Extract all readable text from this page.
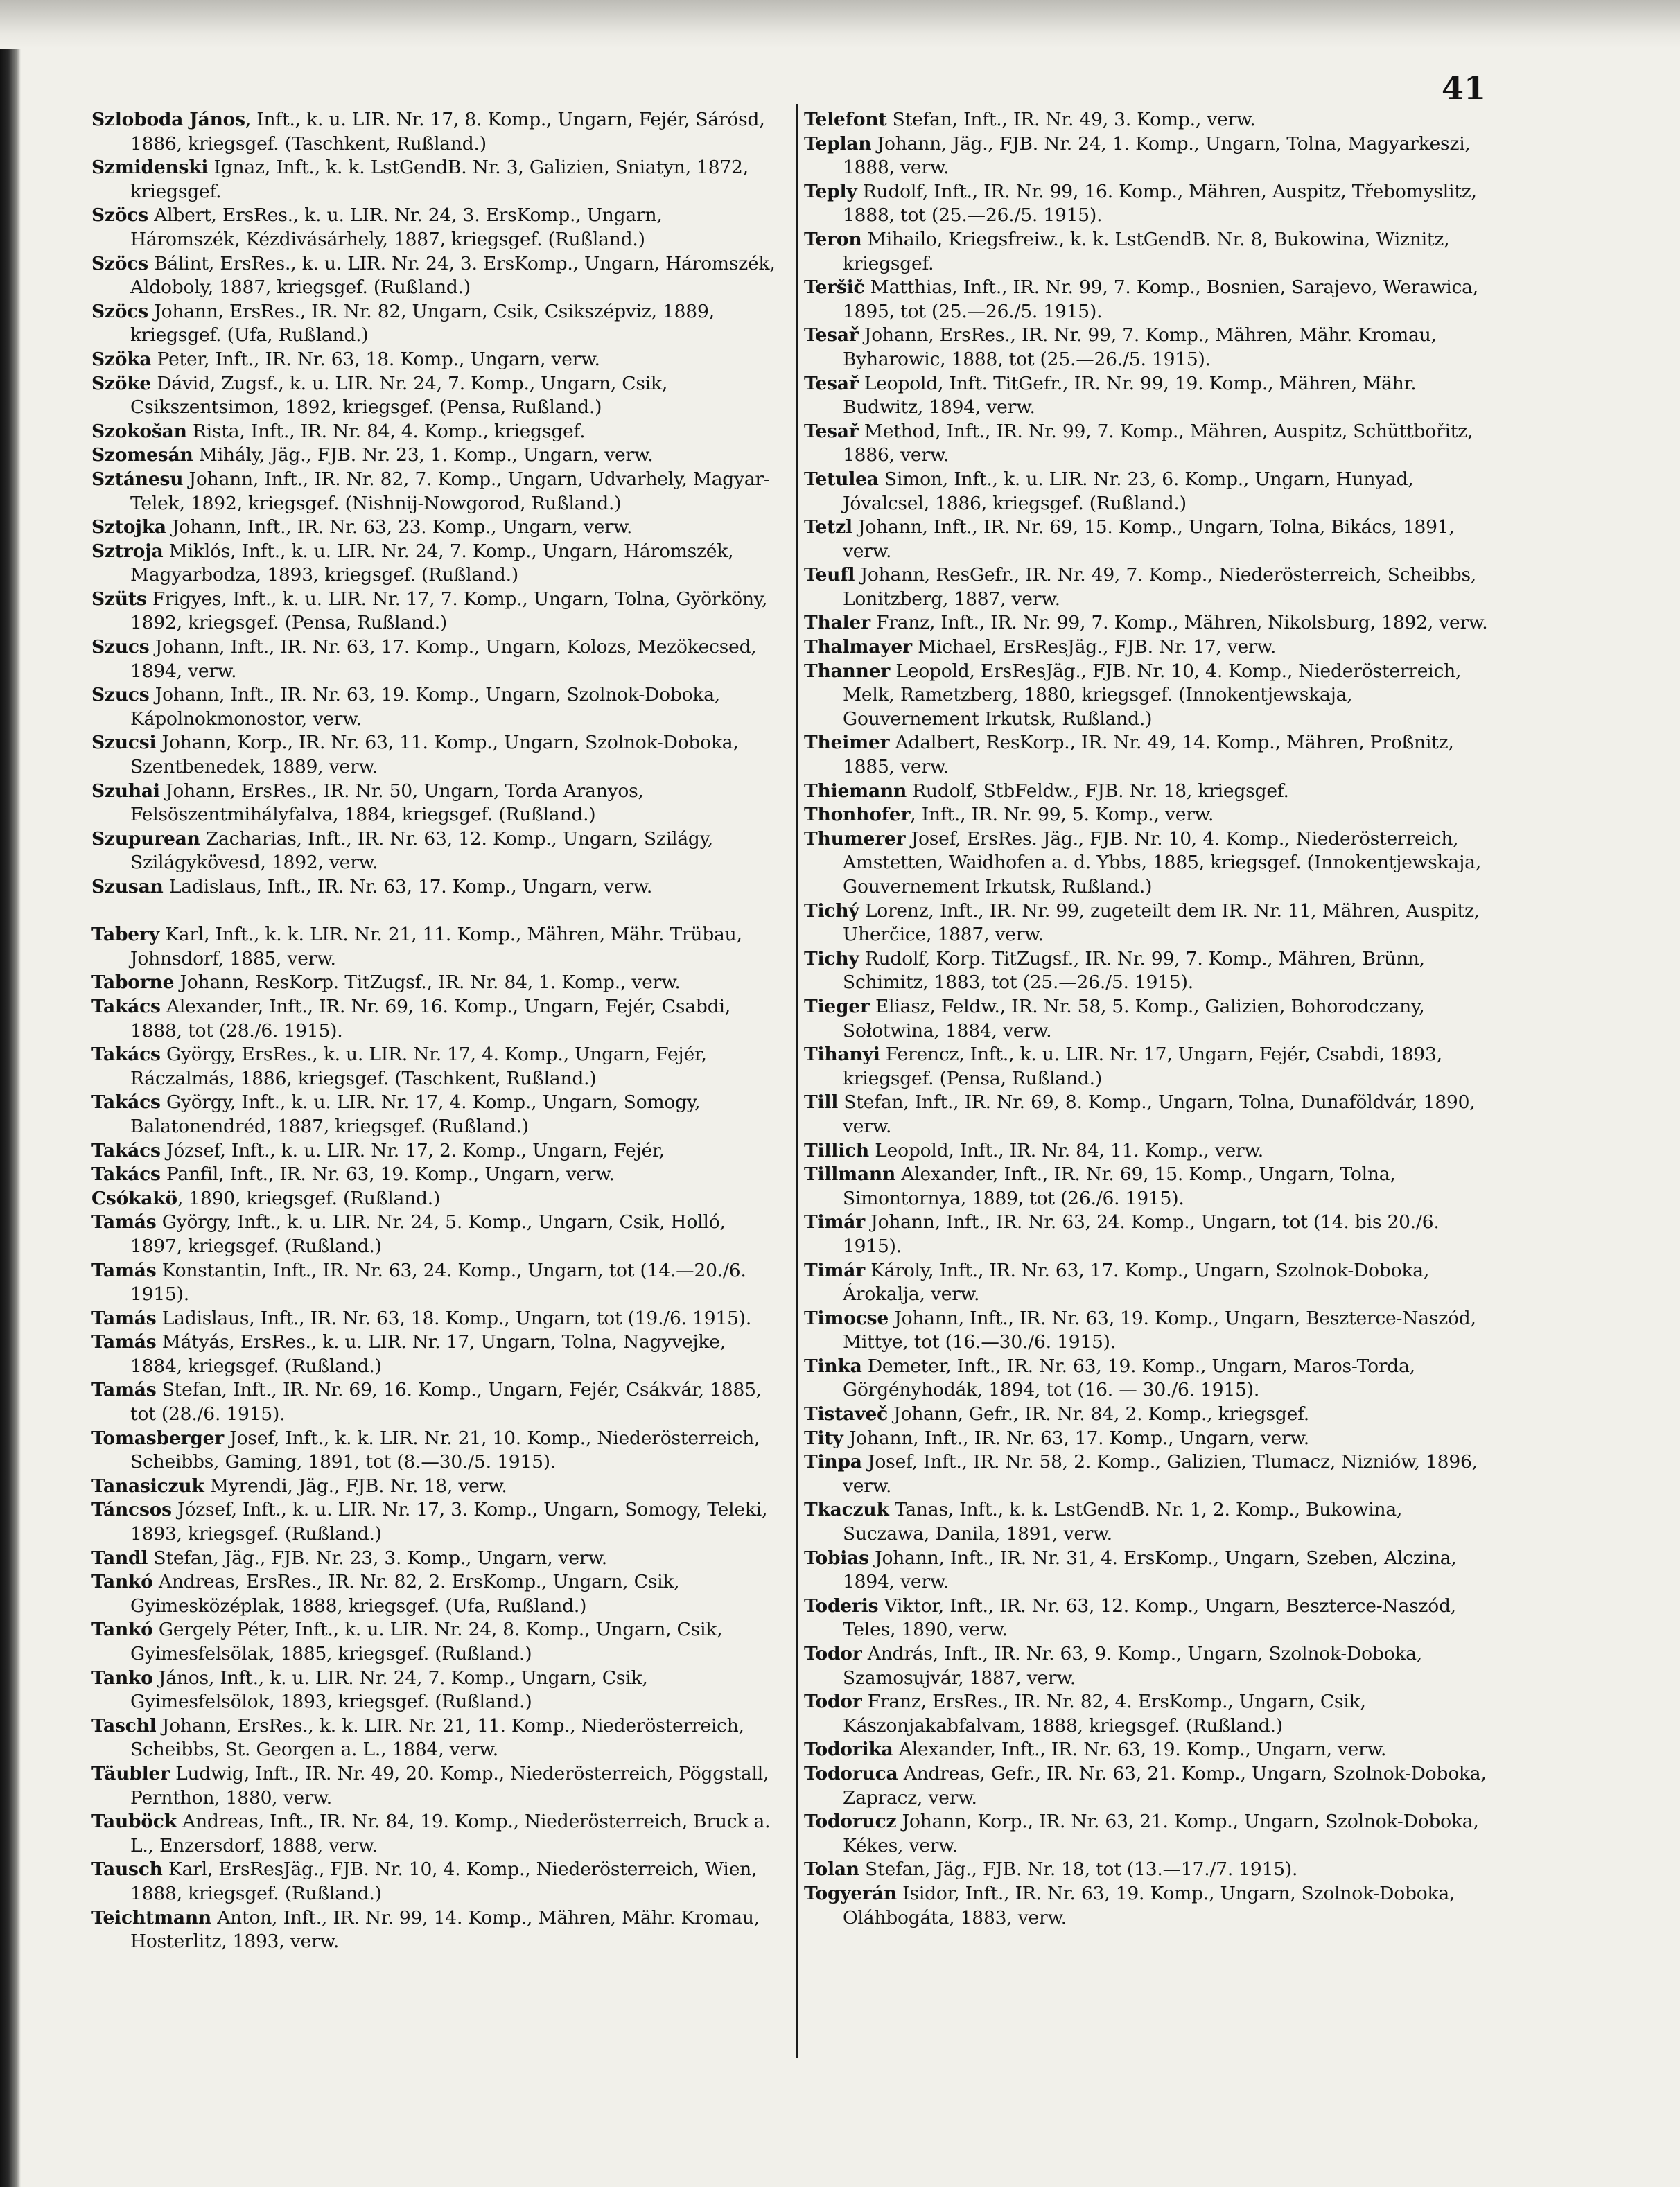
41
Szloboda János, Inft., k. u. LIR. Nr. 17, 8. Komp., Ungarn, Fejér, Sárósd, 1886, kriegsgef. (Taschkent, Rußland.)
Szmidenski Ignaz, Inft., k. k. LstGendB. Nr. 3, Galizien, Sniatyn, 1872, kriegsgef.
Szöcs Albert, ErsRes., k. u. LIR. Nr. 24, 3. ErsKomp., Ungarn, Háromszék, Kézdivásárhely, 1887, kriegsgef. (Rußland.)
Szöcs Bálint, ErsRes., k. u. LIR. Nr. 24, 3. ErsKomp., Ungarn, Háromszék, Aldoboly, 1887, kriegsgef. (Rußland.)
Szöcs Johann, ErsRes., IR. Nr. 82, Ungarn, Csik, Csikszépviz, 1889, kriegsgef. (Ufa, Rußland.)
Szöka Peter, Inft., IR. Nr. 63, 18. Komp., Ungarn, verw.
Szöke Dávid, Zugsf., k. u. LIR. Nr. 24, 7. Komp., Ungarn, Csik, Csikszentsimon, 1892, kriegsgef. (Pensa, Rußland.)
Szokošan Rista, Inft., IR. Nr. 84, 4. Komp., kriegsgef.
Szomesán Mihály, Jäg., FJB. Nr. 23, 1. Komp., Ungarn, verw.
Sztánesu Johann, Inft., IR. Nr. 82, 7. Komp., Ungarn, Udvarhely, Magyar-Telek, 1892, kriegsgef. (Nishnij-Nowgorod, Rußland.)
Sztojka Johann, Inft., IR. Nr. 63, 23. Komp., Ungarn, verw.
Sztroja Miklós, Inft., k. u. LIR. Nr. 24, 7. Komp., Ungarn, Háromszék, Magyarbodza, 1893, kriegsgef. (Rußland.)
Szüts Frigyes, Inft., k. u. LIR. Nr. 17, 7. Komp., Ungarn, Tolna, Györköny, 1892, kriegsgef. (Pensa, Rußland.)
Szucs Johann, Inft., IR. Nr. 63, 17. Komp., Ungarn, Kolozs, Mezökecsed, 1894, verw.
Szucs Johann, Inft., IR. Nr. 63, 19. Komp., Ungarn, Szolnok-Doboka, Kápolnokmonostor, verw.
Szucsi Johann, Korp., IR. Nr. 63, 11. Komp., Ungarn, Szolnok-Doboka, Szentbenedek, 1889, verw.
Szuhai Johann, ErsRes., IR. Nr. 50, Ungarn, Torda Aranyos, Felsöszentmihályfalva, 1884, kriegsgef. (Rußland.)
Szupurean Zacharias, Inft., IR. Nr. 63, 12. Komp., Ungarn, Szilágy, Szilágykövesd, 1892, verw.
Szusan Ladislaus, Inft., IR. Nr. 63, 17. Komp., Ungarn, verw.
Tabery Karl, Inft., k. k. LIR. Nr. 21, 11. Komp., Mähren, Mähr. Trübau, Johnsdorf, 1885, verw.
Taborne Johann, ResKorp. TitZugsf., IR. Nr. 84, 1. Komp., verw.
Takács Alexander, Inft., IR. Nr. 69, 16. Komp., Ungarn, Fejér, Csabdi, 1888, tot (28./6. 1915).
Takács György, ErsRes., k. u. LIR. Nr. 17, 4. Komp., Ungarn, Fejér, Ráczalmás, 1886, kriegsgef. (Taschkent, Rußland.)
Takács György, Inft., k. u. LIR. Nr. 17, 4. Komp., Ungarn, Somogy, Balatonendréd, 1887, kriegsgef. (Rußland.)
Takács József, Inft., k. u. LIR. Nr. 17, 2. Komp., Ungarn, Fejér,
Takács Panfil, Inft., IR. Nr. 63, 19. Komp., Ungarn, verw.
Csókakö, 1890, kriegsgef. (Rußland.)
Tamás György, Inft., k. u. LIR. Nr. 24, 5. Komp., Ungarn, Csik, Holló, 1897, kriegsgef. (Rußland.)
Tamás Konstantin, Inft., IR. Nr. 63, 24. Komp., Ungarn, tot (14.—20./6. 1915).
Tamás Ladislaus, Inft., IR. Nr. 63, 18. Komp., Ungarn, tot (19./6. 1915).
Tamás Mátyás, ErsRes., k. u. LIR. Nr. 17, Ungarn, Tolna, Nagyvejke, 1884, kriegsgef. (Rußland.)
Tamás Stefan, Inft., IR. Nr. 69, 16. Komp., Ungarn, Fejér, Csákvár, 1885, tot (28./6. 1915).
Tomasberger Josef, Inft., k. k. LIR. Nr. 21, 10. Komp., Niederösterreich, Scheibbs, Gaming, 1891, tot (8.—30./5. 1915).
Tanasiczuk Myrendi, Jäg., FJB. Nr. 18, verw.
Táncsos József, Inft., k. u. LIR. Nr. 17, 3. Komp., Ungarn, Somogy, Teleki, 1893, kriegsgef. (Rußland.)
Tandl Stefan, Jäg., FJB. Nr. 23, 3. Komp., Ungarn, verw.
Tankó Andreas, ErsRes., IR. Nr. 82, 2. ErsKomp., Ungarn, Csik, Gyimesközéplak, 1888, kriegsgef. (Ufa, Rußland.)
Tankó Gergely Péter, Inft., k. u. LIR. Nr. 24, 8. Komp., Ungarn, Csik, Gyimesfelsölak, 1885, kriegsgef. (Rußland.)
Tanko János, Inft., k. u. LIR. Nr. 24, 7. Komp., Ungarn, Csik, Gyimesfelsölok, 1893, kriegsgef. (Rußland.)
Taschl Johann, ErsRes., k. k. LIR. Nr. 21, 11. Komp., Niederösterreich, Scheibbs, St. Georgen a. L., 1884, verw.
Täubler Ludwig, Inft., IR. Nr. 49, 20. Komp., Niederösterreich, Pöggstall, Pernthon, 1880, verw.
Tauböck Andreas, Inft., IR. Nr. 84, 19. Komp., Niederösterreich, Bruck a. L., Enzersdorf, 1888, verw.
Tausch Karl, ErsResJäg., FJB. Nr. 10, 4. Komp., Niederösterreich, Wien, 1888, kriegsgef. (Rußland.)
Teichtmann Anton, Inft., IR. Nr. 99, 14. Komp., Mähren, Mähr. Kromau, Hosterlitz, 1893, verw.
Telefont Stefan, Inft., IR. Nr. 49, 3. Komp., verw.
Teplan Johann, Jäg., FJB. Nr. 24, 1. Komp., Ungarn, Tolna, Magyarkeszi, 1888, verw.
Teply Rudolf, Inft., IR. Nr. 99, 16. Komp., Mähren, Auspitz, Třebomyslitz, 1888, tot (25.—26./5. 1915).
Teron Mihailo, Kriegsfreiw., k. k. LstGendB. Nr. 8, Bukowina, Wiznitz, kriegsgef.
Teršič Matthias, Inft., IR. Nr. 99, 7. Komp., Bosnien, Sarajevo, Werawica, 1895, tot (25.—26./5. 1915).
Tesař Johann, ErsRes., IR. Nr. 99, 7. Komp., Mähren, Mähr. Kromau, Byharowic, 1888, tot (25.—26./5. 1915).
Tesař Leopold, Inft. TitGefr., IR. Nr. 99, 19. Komp., Mähren, Mähr. Budwitz, 1894, verw.
Tesař Method, Inft., IR. Nr. 99, 7. Komp., Mähren, Auspitz, Schüttbořitz, 1886, verw.
Tetulea Simon, Inft., k. u. LIR. Nr. 23, 6. Komp., Ungarn, Hunyad, Jóvalcsel, 1886, kriegsgef. (Rußland.)
Tetzl Johann, Inft., IR. Nr. 69, 15. Komp., Ungarn, Tolna, Bikács, 1891, verw.
Teufl Johann, ResGefr., IR. Nr. 49, 7. Komp., Niederösterreich, Scheibbs, Lonitzberg, 1887, verw.
Thaler Franz, Inft., IR. Nr. 99, 7. Komp., Mähren, Nikolsburg, 1892, verw.
Thalmayer Michael, ErsResJäg., FJB. Nr. 17, verw.
Thanner Leopold, ErsResJäg., FJB. Nr. 10, 4. Komp., Niederösterreich, Melk, Rametzberg, 1880, kriegsgef. (Innokentjewskaja, Gouvernement Irkutsk, Rußland.)
Theimer Adalbert, ResKorp., IR. Nr. 49, 14. Komp., Mähren, Proßnitz, 1885, verw.
Thiemann Rudolf, StbFeldw., FJB. Nr. 18, kriegsgef.
Thonhofer, Inft., IR. Nr. 99, 5. Komp., verw.
Thumerer Josef, ErsRes. Jäg., FJB. Nr. 10, 4. Komp., Niederösterreich, Amstetten, Waidhofen a. d. Ybbs, 1885, kriegsgef. (Innokentjewskaja, Gouvernement Irkutsk, Rußland.)
Tichý Lorenz, Inft., IR. Nr. 99, zugeteilt dem IR. Nr. 11, Mähren, Auspitz, Uherčice, 1887, verw.
Tichy Rudolf, Korp. TitZugsf., IR. Nr. 99, 7. Komp., Mähren, Brünn, Schimitz, 1883, tot (25.—26./5. 1915).
Tieger Eliasz, Feldw., IR. Nr. 58, 5. Komp., Galizien, Bohorodczany, Sołotwina, 1884, verw.
Tihanyi Ferencz, Inft., k. u. LIR. Nr. 17, Ungarn, Fejér, Csabdi, 1893, kriegsgef. (Pensa, Rußland.)
Till Stefan, Inft., IR. Nr. 69, 8. Komp., Ungarn, Tolna, Dunaföldvár, 1890, verw.
Tillich Leopold, Inft., IR. Nr. 84, 11. Komp., verw.
Tillmann Alexander, Inft., IR. Nr. 69, 15. Komp., Ungarn, Tolna, Simontornya, 1889, tot (26./6. 1915).
Timár Johann, Inft., IR. Nr. 63, 24. Komp., Ungarn, tot (14. bis 20./6. 1915).
Timár Károly, Inft., IR. Nr. 63, 17. Komp., Ungarn, Szolnok-Doboka, Árokalja, verw.
Timocse Johann, Inft., IR. Nr. 63, 19. Komp., Ungarn, Beszterce-Naszód, Mittye, tot (16.—30./6. 1915).
Tinka Demeter, Inft., IR. Nr. 63, 19. Komp., Ungarn, Maros-Torda, Görgényhodák, 1894, tot (16. — 30./6. 1915).
Tistaveč Johann, Gefr., IR. Nr. 84, 2. Komp., kriegsgef.
Tity Johann, Inft., IR. Nr. 63, 17. Komp., Ungarn, verw.
Tinpa Josef, Inft., IR. Nr. 58, 2. Komp., Galizien, Tlumacz, Nizniów, 1896, verw.
Tkaczuk Tanas, Inft., k. k. LstGendB. Nr. 1, 2. Komp., Bukowina, Suczawa, Danila, 1891, verw.
Tobias Johann, Inft., IR. Nr. 31, 4. ErsKomp., Ungarn, Szeben, Alczina, 1894, verw.
Toderis Viktor, Inft., IR. Nr. 63, 12. Komp., Ungarn, Beszterce-Naszód, Teles, 1890, verw.
Todor András, Inft., IR. Nr. 63, 9. Komp., Ungarn, Szolnok-Doboka, Szamosujvár, 1887, verw.
Todor Franz, ErsRes., IR. Nr. 82, 4. ErsKomp., Ungarn, Csik, Kászonjakabfalvam, 1888, kriegsgef. (Rußland.)
Todorika Alexander, Inft., IR. Nr. 63, 19. Komp., Ungarn, verw.
Todoruca Andreas, Gefr., IR. Nr. 63, 21. Komp., Ungarn, Szolnok-Doboka, Zapracz, verw.
Todorucz Johann, Korp., IR. Nr. 63, 21. Komp., Ungarn, Szolnok-Doboka, Kékes, verw.
Tolan Stefan, Jäg., FJB. Nr. 18, tot (13.—17./7. 1915).
Togyerán Isidor, Inft., IR. Nr. 63, 19. Komp., Ungarn, Szolnok-Doboka, Oláhbogáta, 1883, verw.
